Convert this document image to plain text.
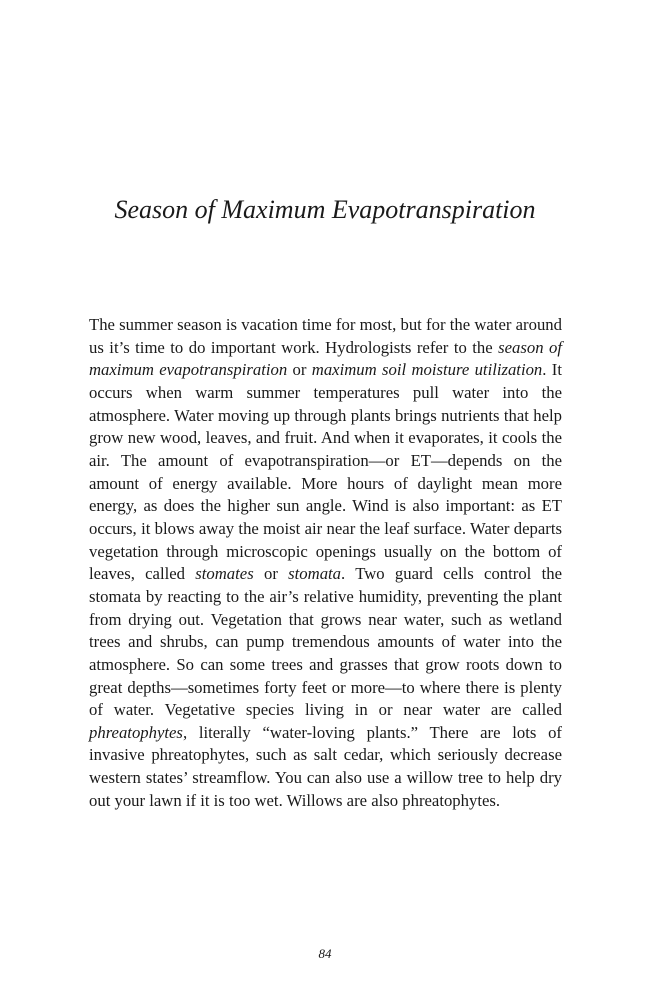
Season of Maximum Evapotranspiration

The summer season is vacation time for most, but for the water around us it’s time to do important work. Hydrologists refer to the season of maximum evapotranspiration or maximum soil moisture utilization. It occurs when warm summer temperatures pull water into the atmosphere. Water moving up through plants brings nutrients that help grow new wood, leaves, and fruit. And when it evaporates, it cools the air. The amount of evapotranspiration—or ET—depends on the amount of energy available. More hours of daylight mean more energy, as does the higher sun angle. Wind is also important: as ET occurs, it blows away the moist air near the leaf surface. Water departs vegetation through microscopic openings usually on the bottom of leaves, called stomates or stomata. Two guard cells control the stomata by reacting to the air’s relative humidity, preventing the plant from drying out. Vegetation that grows near water, such as wetland trees and shrubs, can pump tremendous amounts of water into the atmosphere. So can some trees and grasses that grow roots down to great depths—sometimes forty feet or more—to where there is plenty of water. Vegetative species living in or near water are called phreatophytes, literally “water-loving plants.” There are lots of invasive phreatophytes, such as salt cedar, which seriously decrease western states’ streamflow. You can also use a willow tree to help dry out your lawn if it is too wet. Willows are also phreatophytes.

84
